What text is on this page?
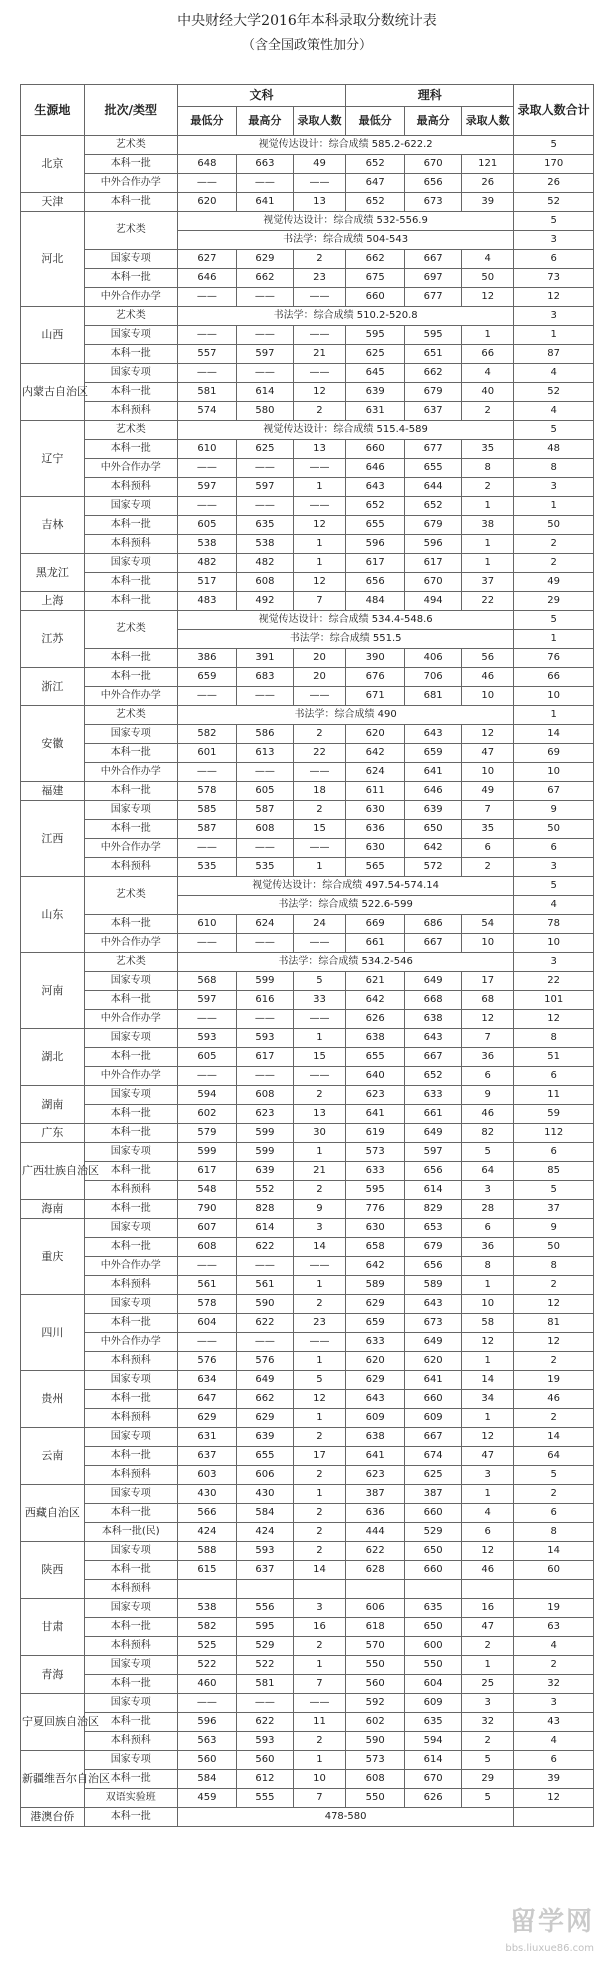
中央财经大学2016年本科录取分数统计表
（含全国政策性加分）
生源地	批次/类型	文科			理科			录取人数合计
		最低分	最高分	录取人数	最低分	最高分	录取人数	
北京	艺术类	视觉传达设计：综合成绩 585.2-622.2						5
	本科一批	648	663	49	652	670	121	170
	中外合作办学	——	——	——	647	656	26	26
天津	本科一批	620	641	13	652	673	39	52
河北	艺术类	视觉传达设计：综合成绩 532-556.9						5
		书法学：综合成绩 504-543						3
	国家专项	627	629	2	662	667	4	6
	本科一批	646	662	23	675	697	50	73
	中外合作办学	——	——	——	660	677	12	12
山西	艺术类	书法学：综合成绩 510.2-520.8						3
	国家专项	——	——	——	595	595	1	1
	本科一批	557	597	21	625	651	66	87
内蒙古自治区	国家专项	——	——	——	645	662	4	4
	本科一批	581	614	12	639	679	40	52
	本科预科	574	580	2	631	637	2	4
辽宁	艺术类	视觉传达设计：综合成绩 515.4-589						5
	本科一批	610	625	13	660	677	35	48
	中外合作办学	——	——	——	646	655	8	8
	本科预科	597	597	1	643	644	2	3
吉林	国家专项	——	——	——	652	652	1	1
	本科一批	605	635	12	655	679	38	50
	本科预科	538	538	1	596	596	1	2
黑龙江	国家专项	482	482	1	617	617	1	2
	本科一批	517	608	12	656	670	37	49
上海	本科一批	483	492	7	484	494	22	29
江苏	艺术类	视觉传达设计：综合成绩 534.4-548.6						5
		书法学：综合成绩 551.5						1
	本科一批	386	391	20	390	406	56	76
浙江	本科一批	659	683	20	676	706	46	66
	中外合作办学	——	——	——	671	681	10	10
安徽	艺术类	书法学：综合成绩 490						1
	国家专项	582	586	2	620	643	12	14
	本科一批	601	613	22	642	659	47	69
	中外合作办学	——	——	——	624	641	10	10
福建	本科一批	578	605	18	611	646	49	67
江西	国家专项	585	587	2	630	639	7	9
	本科一批	587	608	15	636	650	35	50
	中外合作办学	——	——	——	630	642	6	6
	本科预科	535	535	1	565	572	2	3
山东	艺术类	视觉传达设计：综合成绩 497.54-574.14						5
		书法学：综合成绩 522.6-599						4
	本科一批	610	624	24	669	686	54	78
	中外合作办学	——	——	——	661	667	10	10
河南	艺术类	书法学：综合成绩 534.2-546						3
	国家专项	568	599	5	621	649	17	22
	本科一批	597	616	33	642	668	68	101
	中外合作办学	——	——	——	626	638	12	12
湖北	国家专项	593	593	1	638	643	7	8
	本科一批	605	617	15	655	667	36	51
	中外合作办学	——	——	——	640	652	6	6
湖南	国家专项	594	608	2	623	633	9	11
	本科一批	602	623	13	641	661	46	59
广东	本科一批	579	599	30	619	649	82	112
广西壮族自治区	国家专项	599	599	1	573	597	5	6
	本科一批	617	639	21	633	656	64	85
	本科预科	548	552	2	595	614	3	5
海南	本科一批	790	828	9	776	829	28	37
重庆	国家专项	607	614	3	630	653	6	9
	本科一批	608	622	14	658	679	36	50
	中外合作办学	——	——	——	642	656	8	8
	本科预科	561	561	1	589	589	1	2
四川	国家专项	578	590	2	629	643	10	12
	本科一批	604	622	23	659	673	58	81
	中外合作办学	——	——	——	633	649	12	12
	本科预科	576	576	1	620	620	1	2
贵州	国家专项	634	649	5	629	641	14	19
	本科一批	647	662	12	643	660	34	46
	本科预科	629	629	1	609	609	1	2
云南	国家专项	631	639	2	638	667	12	14
	本科一批	637	655	17	641	674	47	64
	本科预科	603	606	2	623	625	3	5
西藏自治区	国家专项	430	430	1	387	387	1	2
	本科一批	566	584	2	636	660	4	6
	本科一批(民)	424	424	2	444	529	6	8
陕西	国家专项	588	593	2	622	650	12	14
	本科一批	615	637	14	628	660	46	60
	本科预科							
甘肃	国家专项	538	556	3	606	635	16	19
	本科一批	582	595	16	618	650	47	63
	本科预科	525	529	2	570	600	2	4
青海	国家专项	522	522	1	550	550	1	2
	本科一批	460	581	7	560	604	25	32
宁夏回族自治区	国家专项	——	——	——	592	609	3	3
	本科一批	596	622	11	602	635	32	43
	本科预科	563	593	2	590	594	2	4
新疆维吾尔自治区	国家专项	560	560	1	573	614	5	6
	本科一批	584	612	10	608	670	29	39
	双语实验班	459	555	7	550	626	5	12
港澳台侨	本科一批	478-580						
留学网
bbs.liuxue86.com
